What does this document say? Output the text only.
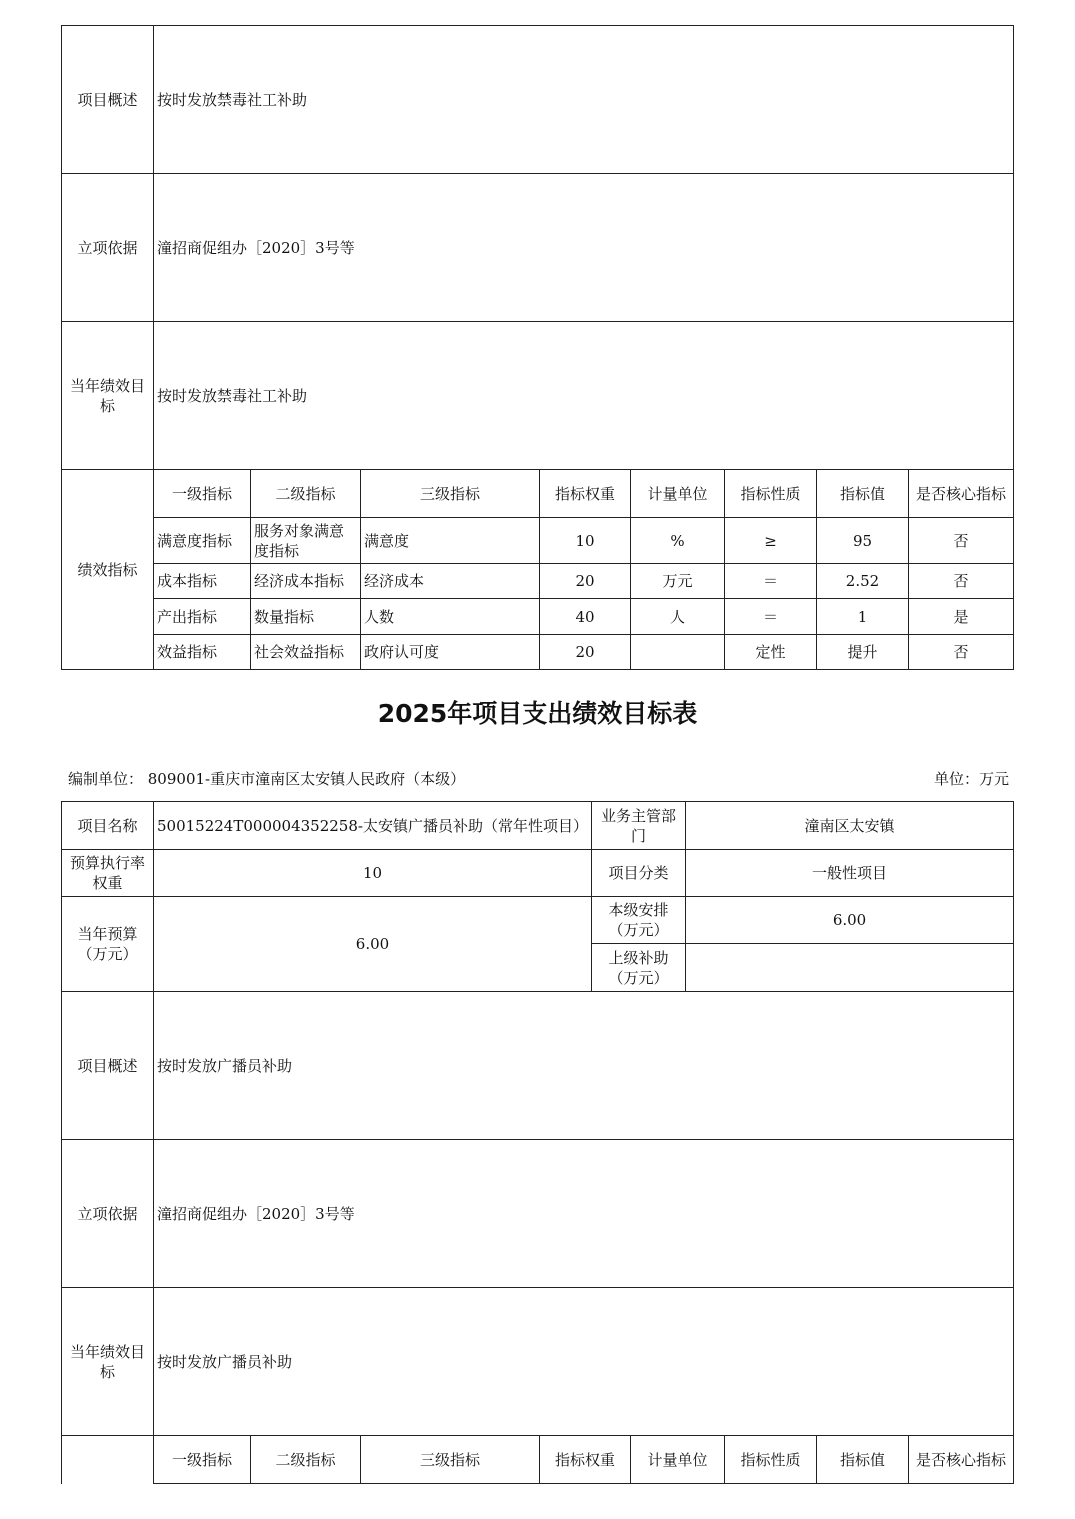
项目概述	按时发放禁毒社工补助							
立项依据	潼招商促组办［2020］3号等							
当年绩效目标	按时发放禁毒社工补助							
绩效指标	一级指标	二级指标	三级指标	指标权重	计量单位	指标性质	指标值	是否核心指标
	满意度指标	服务对象满意度指标	满意度	10	%	≥	95	否
	成本指标	经济成本指标	经济成本	20	万元	＝	2.52	否
	产出指标	数量指标	人数	40	人	＝	1	是
	效益指标	社会效益指标	政府认可度	20		定性	提升	否
2025年项目支出绩效目标表
编制单位： 809001-重庆市潼南区太安镇人民政府（本级）	单位：万元
项目名称	50015224T000004352258-太安镇广播员补助（常年性项目）				业务主管部门		潼南区太安镇			
预算执行率权重	10				项目分类		一般性项目			
当年预算（万元）	6.00				本级安排（万元）		6.00			
					上级补助（万元）					
项目概述	按时发放广播员补助									
立项依据	潼招商促组办［2020］3号等									
当年绩效目标	按时发放广播员补助									
	一级指标	二级指标	三级指标	指标权重		计量单位		指标性质	指标值	是否核心指标
